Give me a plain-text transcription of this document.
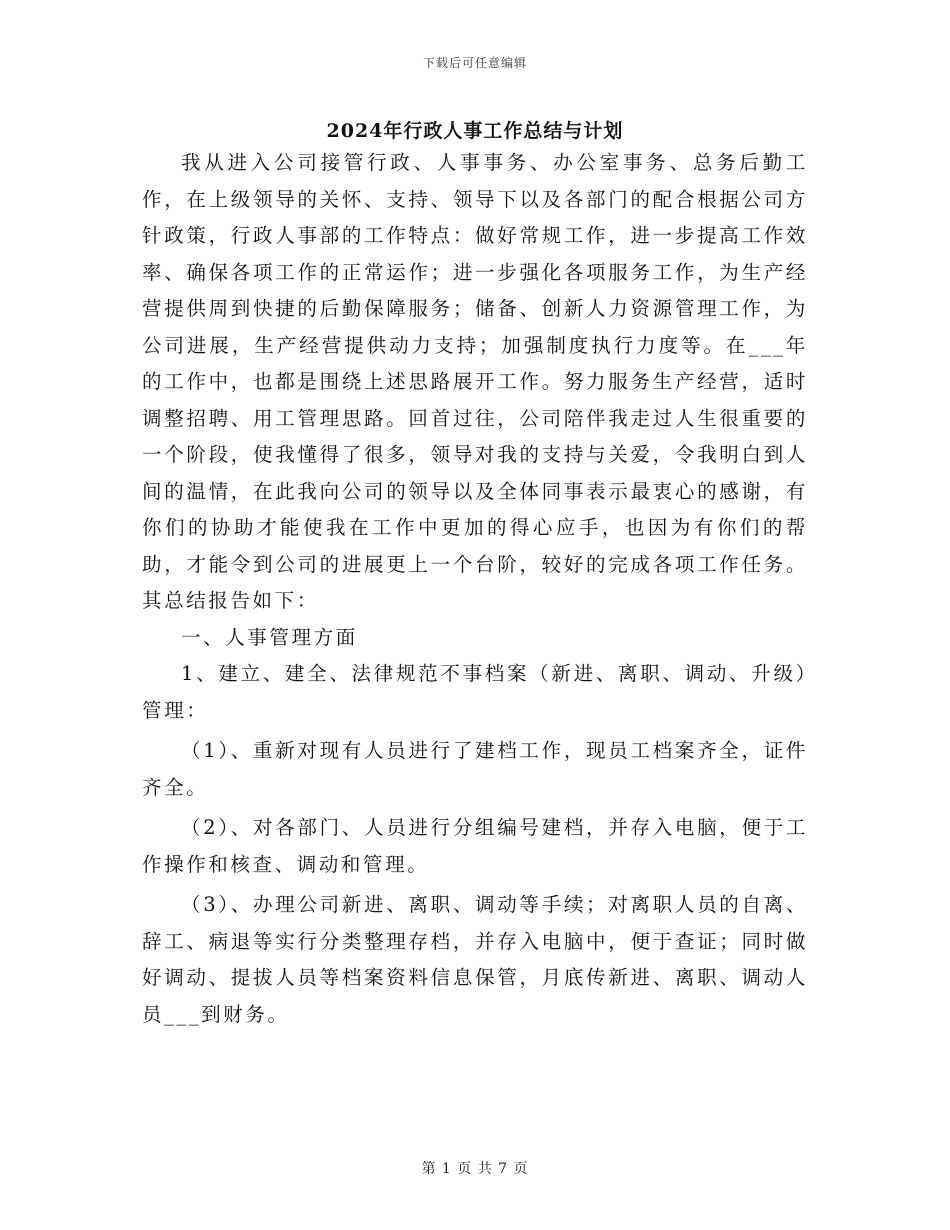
下载后可任意编辑
2024年行政人事工作总结与计划

我从进入公司接管行政、人事事务、办公室事务、总务后勤工作，在上级领导的关怀、支持、领导下以及各部门的配合根据公司方针政策，行政人事部的工作特点：做好常规工作，进一步提高工作效率、确保各项工作的正常运作；进一步强化各项服务工作，为生产经营提供周到快捷的后勤保障服务；储备、创新人力资源管理工作，为公司进展，生产经营提供动力支持；加强制度执行力度等。在___年的工作中，也都是围绕上述思路展开工作。努力服务生产经营，适时调整招聘、用工管理思路。回首过往，公司陪伴我走过人生很重要的一个阶段，使我懂得了很多，领导对我的支持与关爱，令我明白到人间的温情，在此我向公司的领导以及全体同事表示最衷心的感谢，有你们的协助才能使我在工作中更加的得心应手，也因为有你们的帮助，才能令到公司的进展更上一个台阶，较好的完成各项工作任务。其总结报告如下：

一、人事管理方面

1、建立、建全、法律规范不事档案（新进、离职、调动、升级）管理：

（1）、重新对现有人员进行了建档工作，现员工档案齐全，证件齐全。

（2）、对各部门、人员进行分组编号建档，并存入电脑，便于工作操作和核查、调动和管理。

（3）、办理公司新进、离职、调动等手续；对离职人员的自离、辞工、病退等实行分类整理存档，并存入电脑中，便于查证；同时做好调动、提拔人员等档案资料信息保管，月底传新进、离职、调动人员___到财务。

第 1 页 共 7 页
